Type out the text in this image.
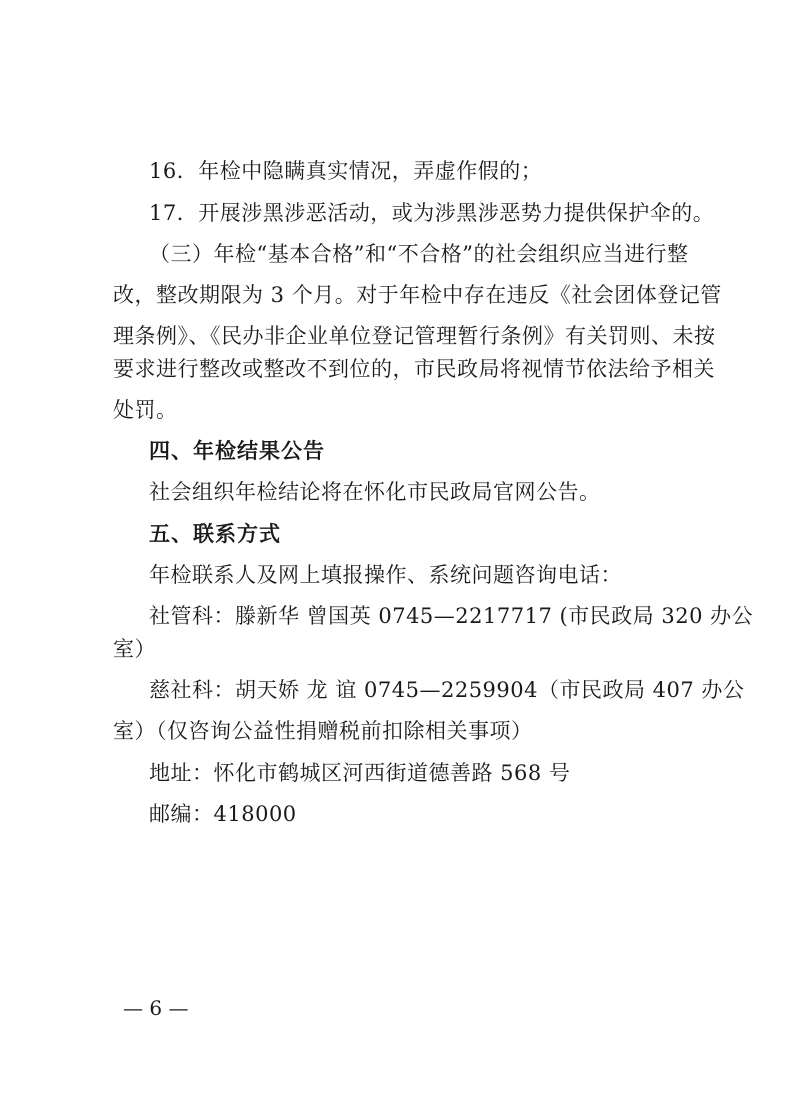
16．年检中隐瞒真实情况，弄虚作假的；
17．开展涉黑涉恶活动，或为涉黑涉恶势力提供保护伞的。
（三）年检“基本合格”和“不合格”的社会组织应当进行整
改，整改期限为 3 个月。对于年检中存在违反《社会团体登记管
理条例》、《民办非企业单位登记管理暂行条例》有关罚则、未按
要求进行整改或整改不到位的，市民政局将视情节依法给予相关
处罚。
四、年检结果公告
社会组织年检结论将在怀化市民政局官网公告。
五、联系方式
年检联系人及网上填报操作、系统问题咨询电话：
社管科：滕新华 曾国英 0745—2217717 (市民政局 320 办公
室）
慈社科：胡天娇 龙 谊 0745—2259904（市民政局 407 办公
室）（仅咨询公益性捐赠税前扣除相关事项）
地址：怀化市鹤城区河西街道德善路 568 号
邮编：418000
— 6 —
